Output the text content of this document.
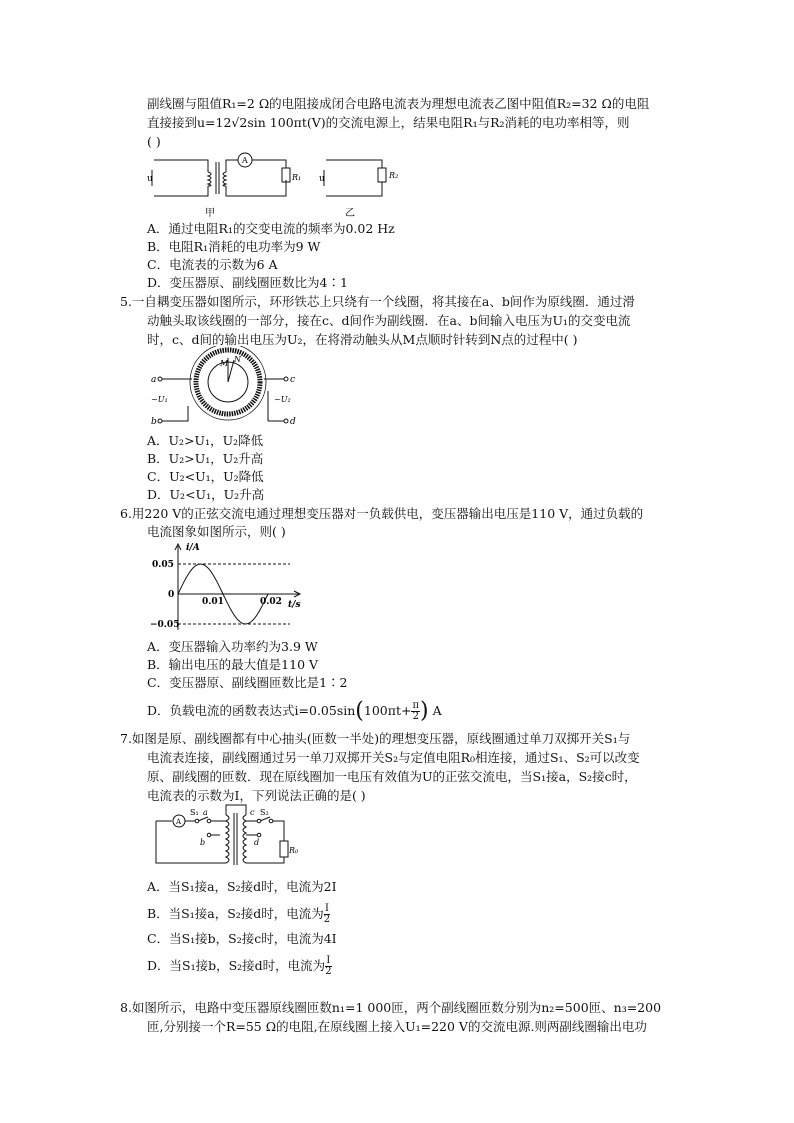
副线圈与阻值R₁=2 Ω的电阻接成闭合电路电流表为理想电流表乙图中阻值R₂=32 Ω的电阻
直接接到u=12√2sin 100πt(V)的交流电源上，结果电阻R₁与R₂消耗的电功率相等，则
( )
u
A
R₁ u	R₂
甲	乙
A．通过电阻R₁的交变电流的频率为0.02 Hz
B．电阻R₁消耗的电功率为9 W
C．电流表的示数为6 A
D．变压器原、副线圈匝数比为4∶1
5.一自耦变压器如图所示，环形铁芯上只绕有一个线圈，将其接在a、b间作为原线圈．通过滑
动触头取该线圈的一部分，接在c、d间作为副线圈．在a、b间输入电压为U₁的交变电流
时，c、d间的输出电压为U₂，在将滑动触头从M点顺时针转到N点的过程中( )
a
b
c
d
~U₁	~U₂
M N
A．U₂>U₁，U₂降低
B．U₂>U₁，U₂升高
C．U₂<U₁，U₂降低
D．U₂<U₁，U₂升高
6.用220 V的正弦交流电通过理想变压器对一负载供电，变压器输出电压是110 V，通过负载的
电流图象如图所示，则( )
i/A
0.05
0
−0.05
0.01	0.02 t/s
A．变压器输入功率约为3.9 W
B．输出电压的最大值是110 V
C．变压器原、副线圈匝数比是1∶2
D．负载电流的函数表达式$i=0.05\sin(100\pi t+ \frac{\pi}{2}$ ) A
7.如图是原、副线圈都有中心抽头(匝数一半处)的理想变压器，原线圈通过单刀双掷开关S₁与
电流表连接，副线圈通过另一单刀双掷开关S₂与定值电阻R₀相连接，通过S₁、S₂可以改变
原、副线圈的匝数．现在原线圈加一电压有效值为U的正弦交流电，当S₁接a，S₂接c时，
电流表的示数为I，下列说法正确的是( )
A
S₁ a
b
c S₂
d
R₀
A．当S₁接a，S₂接d时，电流为2I
B．当S₁接a，S₂接d时，电流为 $\frac{I}{2}$
C．当S₁接b，S₂接c时，电流为4I
D．当S₁接b，S₂接d时，电流为 $\frac{I}{2}$
8.如图所示，电路中变压器原线圈匝数n₁=1 000匝，两个副线圈匝数分别为n₂=500匝、n₃=200
匝,分别接一个R=55 Ω的电阻,在原线圈上接入U₁=220 V的交流电源.则两副线圈输出电功
